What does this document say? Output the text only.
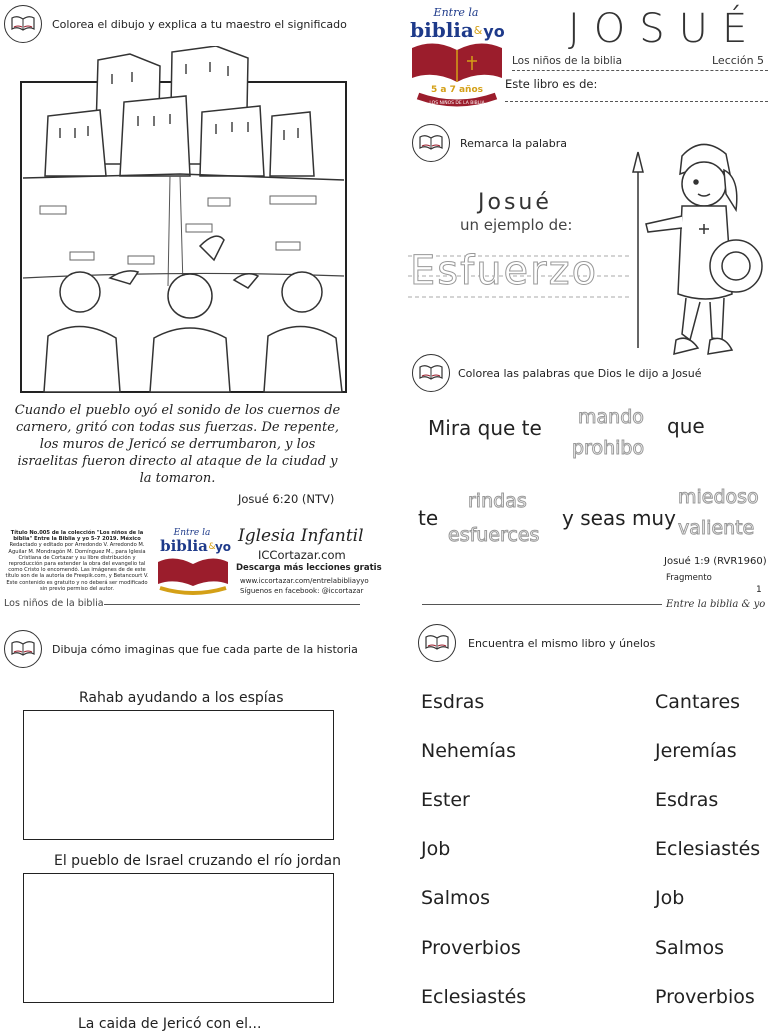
Colorea el dibujo y explica a tu maestro el significado
Cuando el pueblo oyó el sonido de los cuernos de carnero, gritó con todas sus fuerzas. De repente, los muros de Jericó se derrumbaron, y los israelitas fueron directo al ataque de la ciudad y la tomaron.
Josué 6:20 (NTV)
Título No.005 de la colección "Los niños de la biblia" Entre la Biblia y yo 5-7 2019. México
Redactado y editado por Arredondo V. Arredondo M. Aguilar M. Mondragón M. Domínguez M., para Iglesia Cristiana de Cortazar y su libre distribución y reproducción para extender la obra del evangelio tal como Cristo lo encomendó. Las imágenes de de este título son de la autoría de Freepik.com, y Betancourt V.
Este contenido es gratuito y no deberá ser modificado sin previo permiso del autor.
Entre la
biblia & yo
Iglesia Infantil
ICCortazar.com
Descarga más lecciones gratis
www.iccortazar.com/entrelabibliayyo
Síguenos en facebook: @iccortazar
Los niños de la biblia
Dibuja cómo imaginas que fue cada parte de la historia
Rahab ayudando a los espías
El pueblo de Israel cruzando el río jordan
La caida de Jericó con el...
Entre la
biblia & yo
5 a 7 años
LOS NIÑOS DE LA BIBLIA
JOSUÉ
Los niños de la biblia	Lección 5
Este libro es de:
Remarca la palabra
Josué
un ejemplo de:
Esfuerzo
Colorea las palabras que Dios le dijo a Josué
Mira que te mando
prohibo
que
te
rindas
esfuerces
y seas muy
miedoso
valiente
Josué 1:9 (RVR1960)
Fragmento
1
Entre la biblia & yo
Encuentra el mismo libro y únelos
Esdras
Nehemías
Ester
Job
Salmos
Proverbios
Eclesiastés
Cantares
Jeremías
Esdras
Eclesiastés
Job
Salmos
Proverbios
